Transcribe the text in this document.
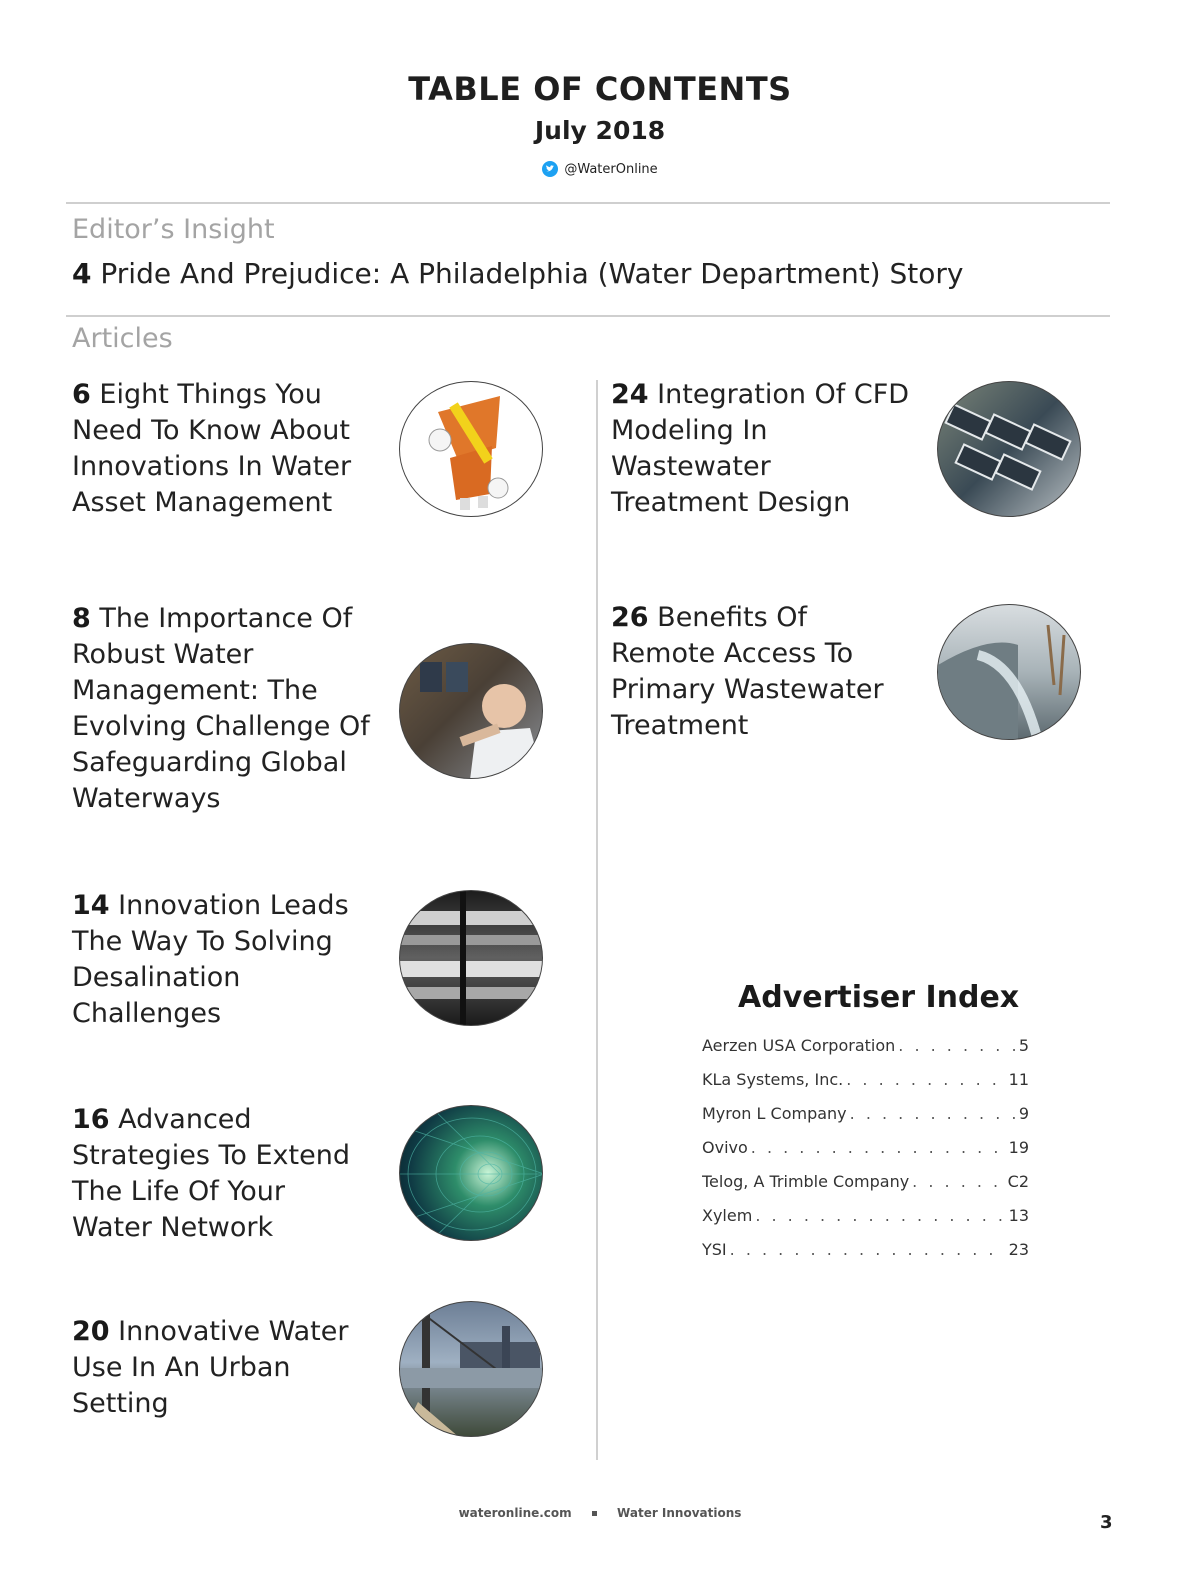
TABLE OF CONTENTS
July 2018
@WaterOnline
Editor’s Insight
4 Pride And Prejudice: A Philadelphia (Water Department) Story
Articles
6 Eight Things You Need To Know About Innovations In Water Asset Management
8 The Importance Of Robust Water Management: The Evolving Challenge Of Safeguarding Global Waterways
14 Innovation Leads The Way To Solving Desalination Challenges
16 Advanced Strategies To Extend The Life Of Your Water Network
20 Innovative Water Use In An Urban Setting
24 Integration Of CFD Modeling In Wastewater Treatment Design
26 Benefits Of Remote Access To Primary Wastewater Treatment
Advertiser Index
Aerzen USA Corporation . . .	5
KLa Systems, Inc. . . .	11
Myron L Company . . .	9
Ovivo . . .	19
Telog, A Trimble Company . . .	C2
Xylem . . .	13
YSI . . .	23
wateronline.com	Water Innovations	3
